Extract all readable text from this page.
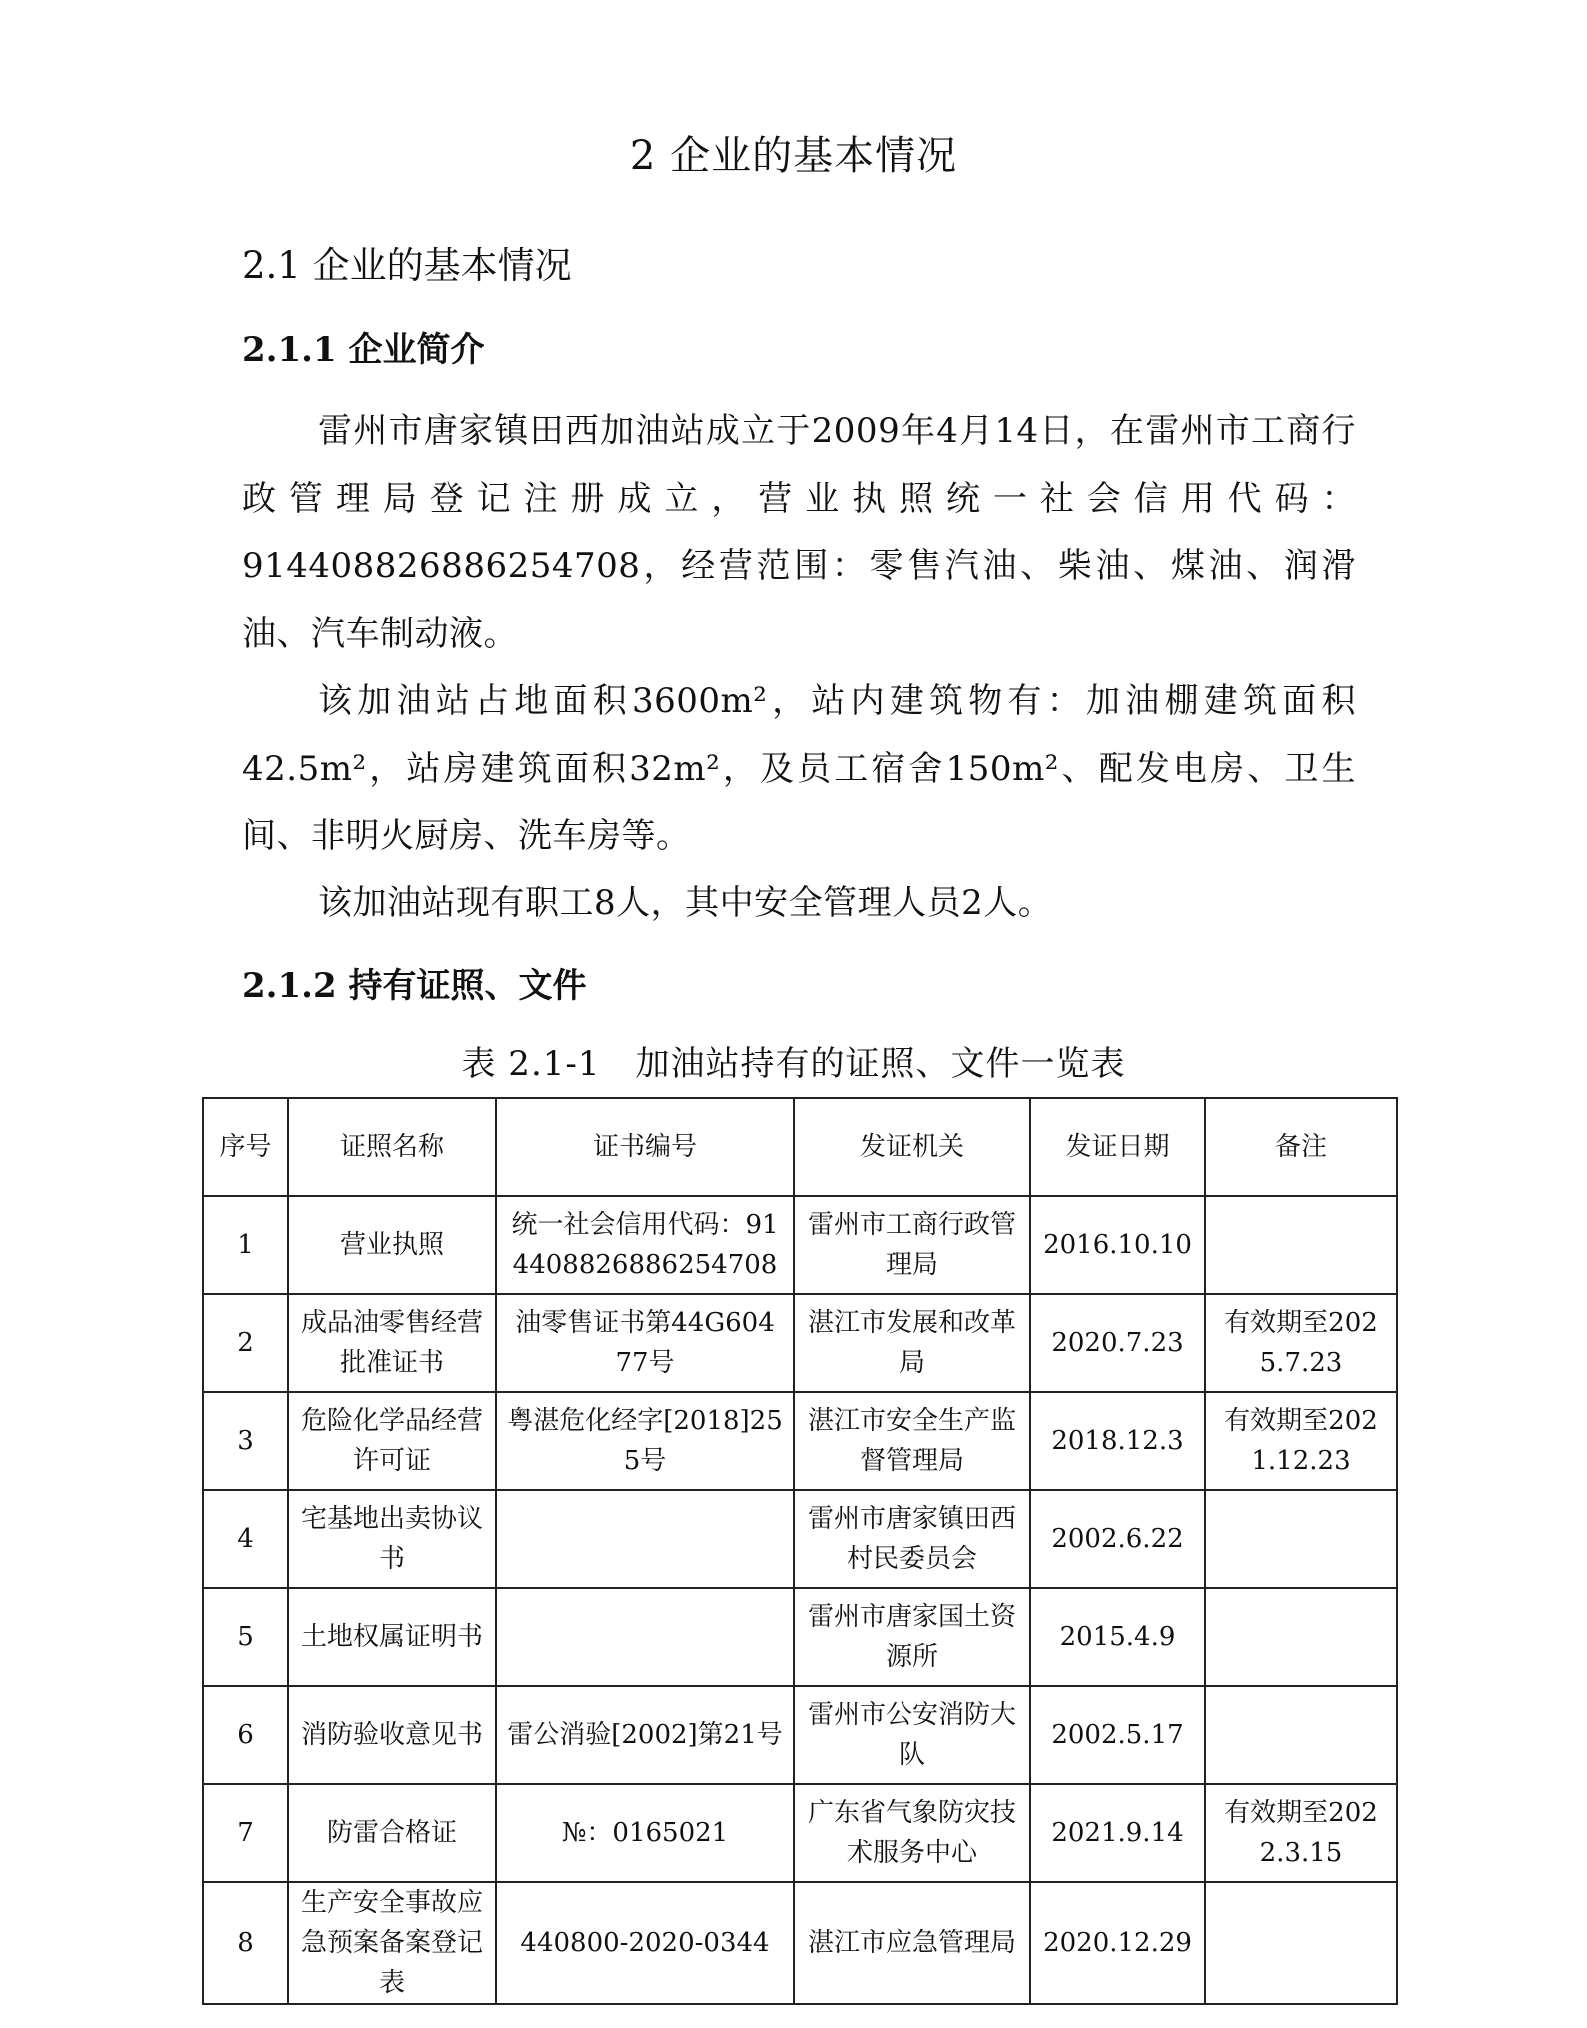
2 企业的基本情况
2.1 企业的基本情况
2.1.1 企业简介

雷州市唐家镇田西加油站成立于2009年4月14日，在雷州市工商行政管理局登记注册成立，营业执照统一社会信用代码：914408826886254708，经营范围：零售汽油、柴油、煤油、润滑油、汽车制动液。

该加油站占地面积3600m²，站内建筑物有：加油棚建筑面积42.5m²，站房建筑面积32m²，及员工宿舍150m²、配发电房、卫生间、非明火厨房、洗车房等。

该加油站现有职工8人，其中安全管理人员2人。

2.1.2 持有证照、文件
表 2.1-1　加油站持有的证照、文件一览表
序号	证照名称	证书编号	发证机关	发证日期	备注
1	营业执照	统一社会信用代码：914408826886254708	雷州市工商行政管理局	2016.10.10	
2	成品油零售经营批准证书	油零售证书第44G60477号	湛江市发展和改革局	2020.7.23	有效期至2025.7.23
3	危险化学品经营许可证	粤湛危化经字[2018]255号	湛江市安全生产监督管理局	2018.12.3	有效期至2021.12.23
4	宅基地出卖协议书		雷州市唐家镇田西村民委员会	2002.6.22	
5	土地权属证明书		雷州市唐家国土资源所	2015.4.9	
6	消防验收意见书	雷公消验[2002]第21号	雷州市公安消防大队	2002.5.17	
7	防雷合格证	№：0165021	广东省气象防灾技术服务中心	2021.9.14	有效期至2022.3.15
8	生产安全事故应急预案备案登记表	440800-2020-0344	湛江市应急管理局	2020.12.29	
